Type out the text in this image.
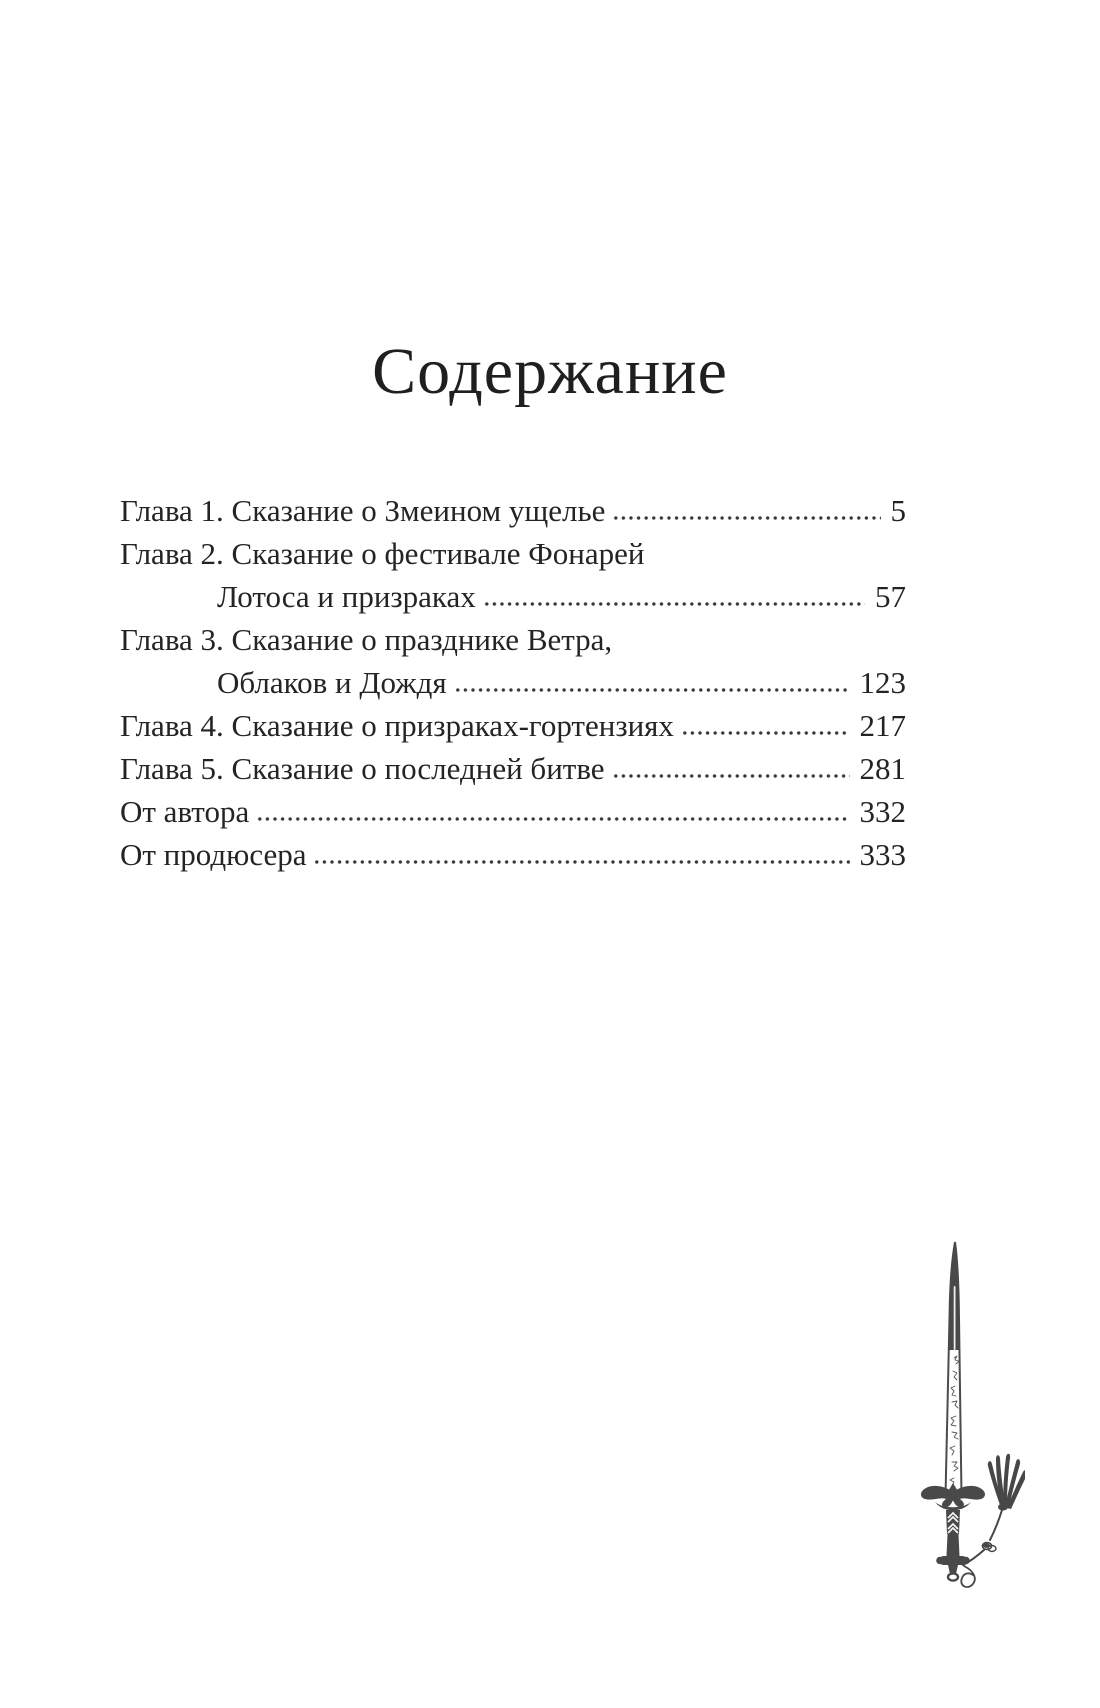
Содержание
Глава 1. Сказание о Змеином ущелье	5
Глава 2. Сказание о фестивале Фонарей
Лотоса и призраках	57
Глава 3. Сказание о празднике Ветра,
Облаков и Дождя	123
Глава 4. Сказание о призраках-гортензиях	217
Глава 5. Сказание о последней битве	281
От автора	332
От продюсера	333
